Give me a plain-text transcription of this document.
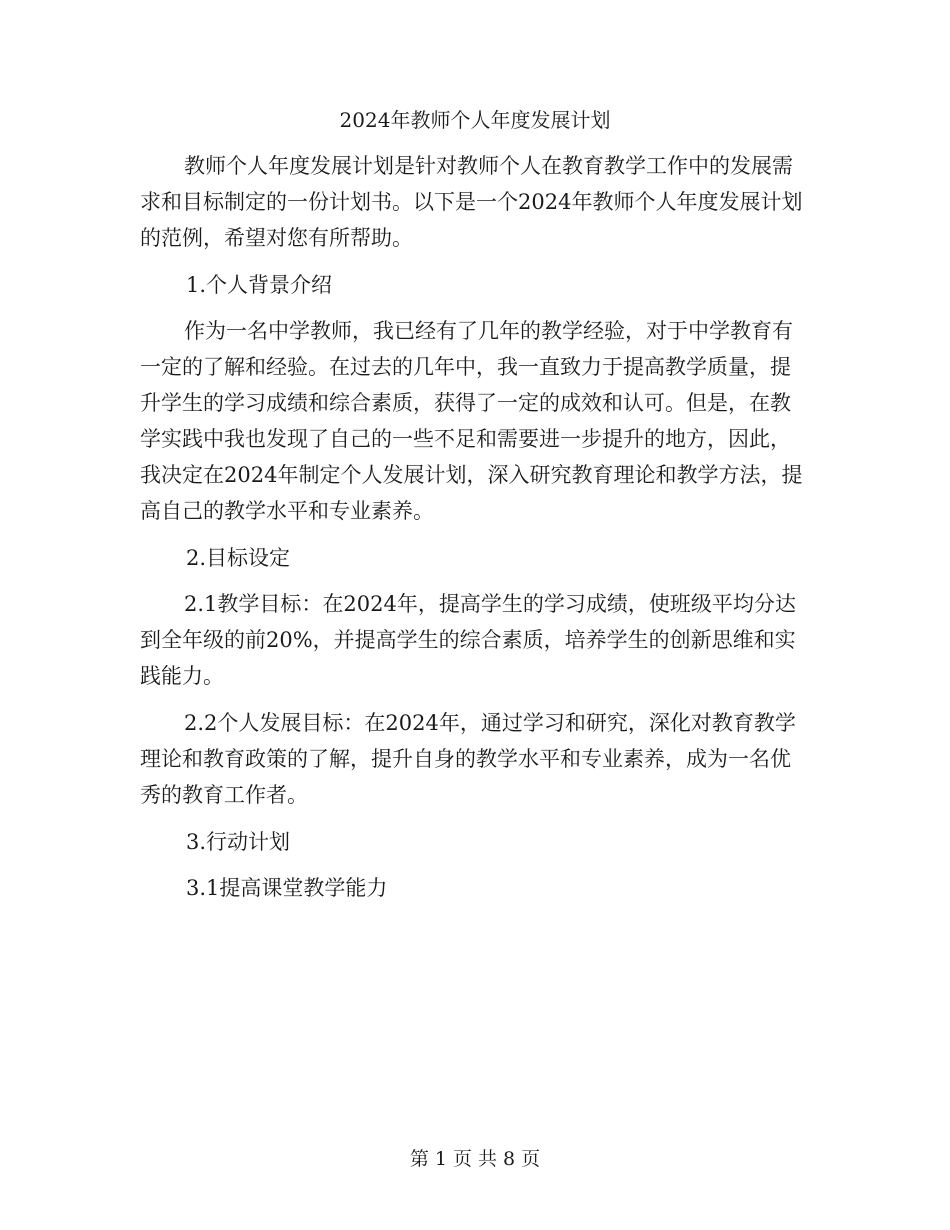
2024年教师个人年度发展计划

教师个人年度发展计划是针对教师个人在教育教学工作中的发展需求和目标制定的一份计划书。以下是一个2024年教师个人年度发展计划的范例，希望对您有所帮助。

1.个人背景介绍

作为一名中学教师，我已经有了几年的教学经验，对于中学教育有一定的了解和经验。在过去的几年中，我一直致力于提高教学质量，提升学生的学习成绩和综合素质，获得了一定的成效和认可。但是，在教学实践中我也发现了自己的一些不足和需要进一步提升的地方，因此，我决定在2024年制定个人发展计划，深入研究教育理论和教学方法，提高自己的教学水平和专业素养。

2.目标设定

2.1教学目标：在2024年，提高学生的学习成绩，使班级平均分达到全年级的前20%，并提高学生的综合素质，培养学生的创新思维和实践能力。

2.2个人发展目标：在2024年，通过学习和研究，深化对教育教学理论和教育政策的了解，提升自身的教学水平和专业素养，成为一名优秀的教育工作者。

3.行动计划

3.1提高课堂教学能力

第 1 页 共 8 页
